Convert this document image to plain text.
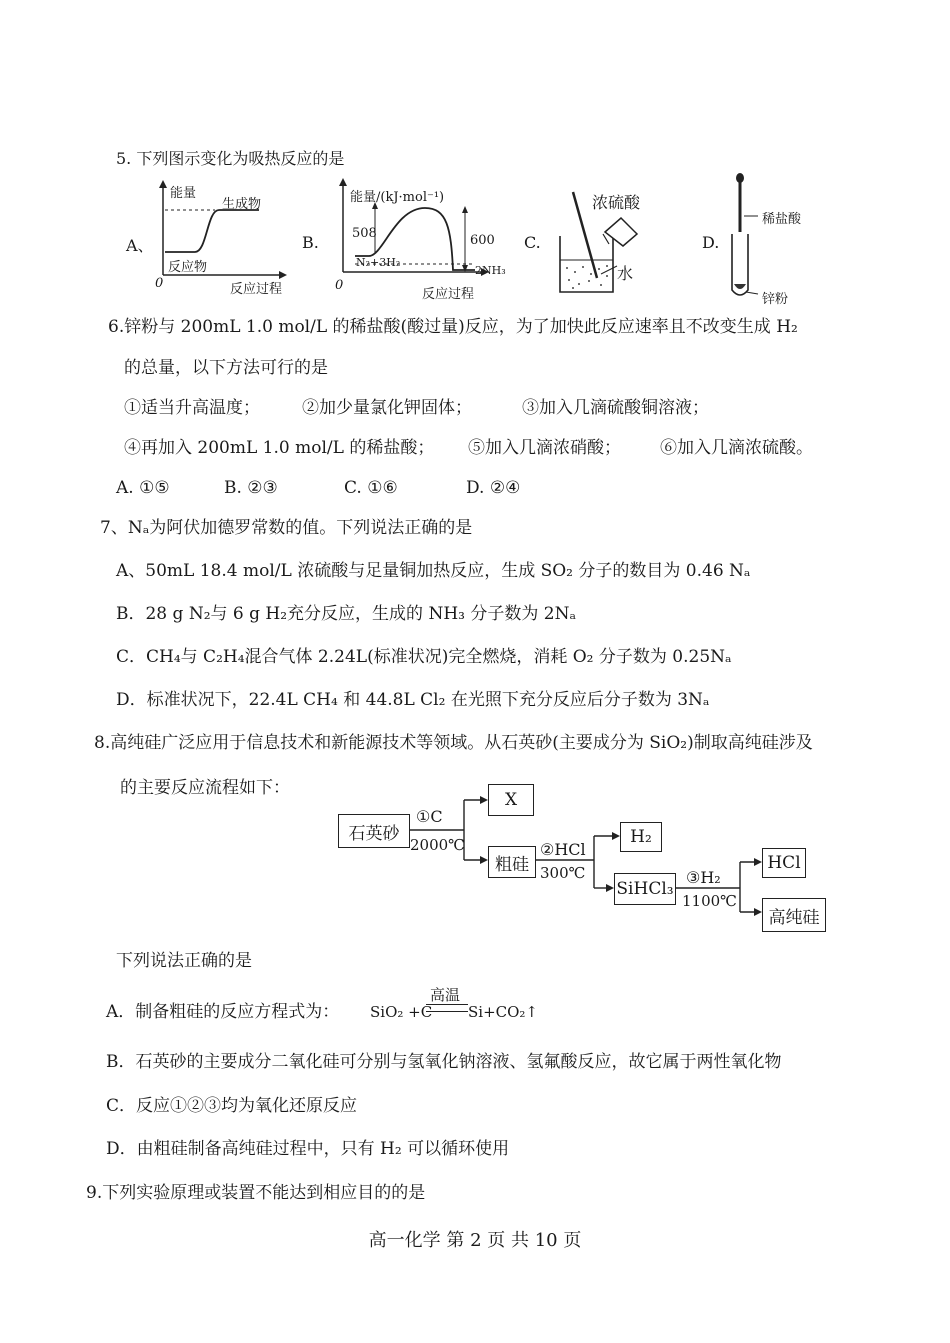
5. 下列图示变化为吸热反应的是
A、
能量
生成物
反应物
0	反应过程
B.
能量/(kJ·mol⁻¹)
508	600
N₂+3H₂
2NH₃
0
反应过程
C.
浓硫酸
水
D.
稀盐酸
锌粉
6.锌粉与 200mL 1.0 mol/L 的稀盐酸(酸过量)反应，为了加快此反应速率且不改变生成 H₂
的总量，以下方法可行的是
①适当升高温度； ②加少量氯化钾固体；	③加入几滴硫酸铜溶液；
④再加入 200mL 1.0 mol/L 的稀盐酸； ⑤加入几滴浓硝酸； ⑥加入几滴浓硫酸。
A. ①⑤	B. ②③	C. ①⑥	D. ②④
7、Nₐ为阿伏加德罗常数的值。下列说法正确的是
A、50mL 18.4 mol/L 浓硫酸与足量铜加热反应，生成 SO₂ 分子的数目为 0.46 Nₐ
B．28 g N₂与 6 g H₂充分反应，生成的 NH₃ 分子数为 2Nₐ
C．CH₄与 C₂H₄混合气体 2.24L(标准状况)完全燃烧，消耗 O₂ 分子数为 0.25Nₐ
D．标准状况下，22.4L CH₄ 和 44.8L Cl₂ 在光照下充分反应后分子数为 3Nₐ
8.高纯硅广泛应用于信息技术和新能源技术等领域。从石英砂(主要成分为 SiO₂)制取高纯硅涉及
的主要反应流程如下：
石英砂
①C
2000℃
X
粗硅
②HCl
300℃
H₂
SiHCl₃
③H₂
1100℃
HCl
高纯硅
下列说法正确的是
A．制备粗硅的反应方程式为： SiO₂ +C
高温
Si+CO₂↑
B．石英砂的主要成分二氧化硅可分别与氢氧化钠溶液、氢氟酸反应，故它属于两性氧化物
C．反应①②③均为氧化还原反应
D．由粗硅制备高纯硅过程中，只有 H₂ 可以循环使用
9.下列实验原理或装置不能达到相应目的的是
高一化学 第 2 页 共 10 页
